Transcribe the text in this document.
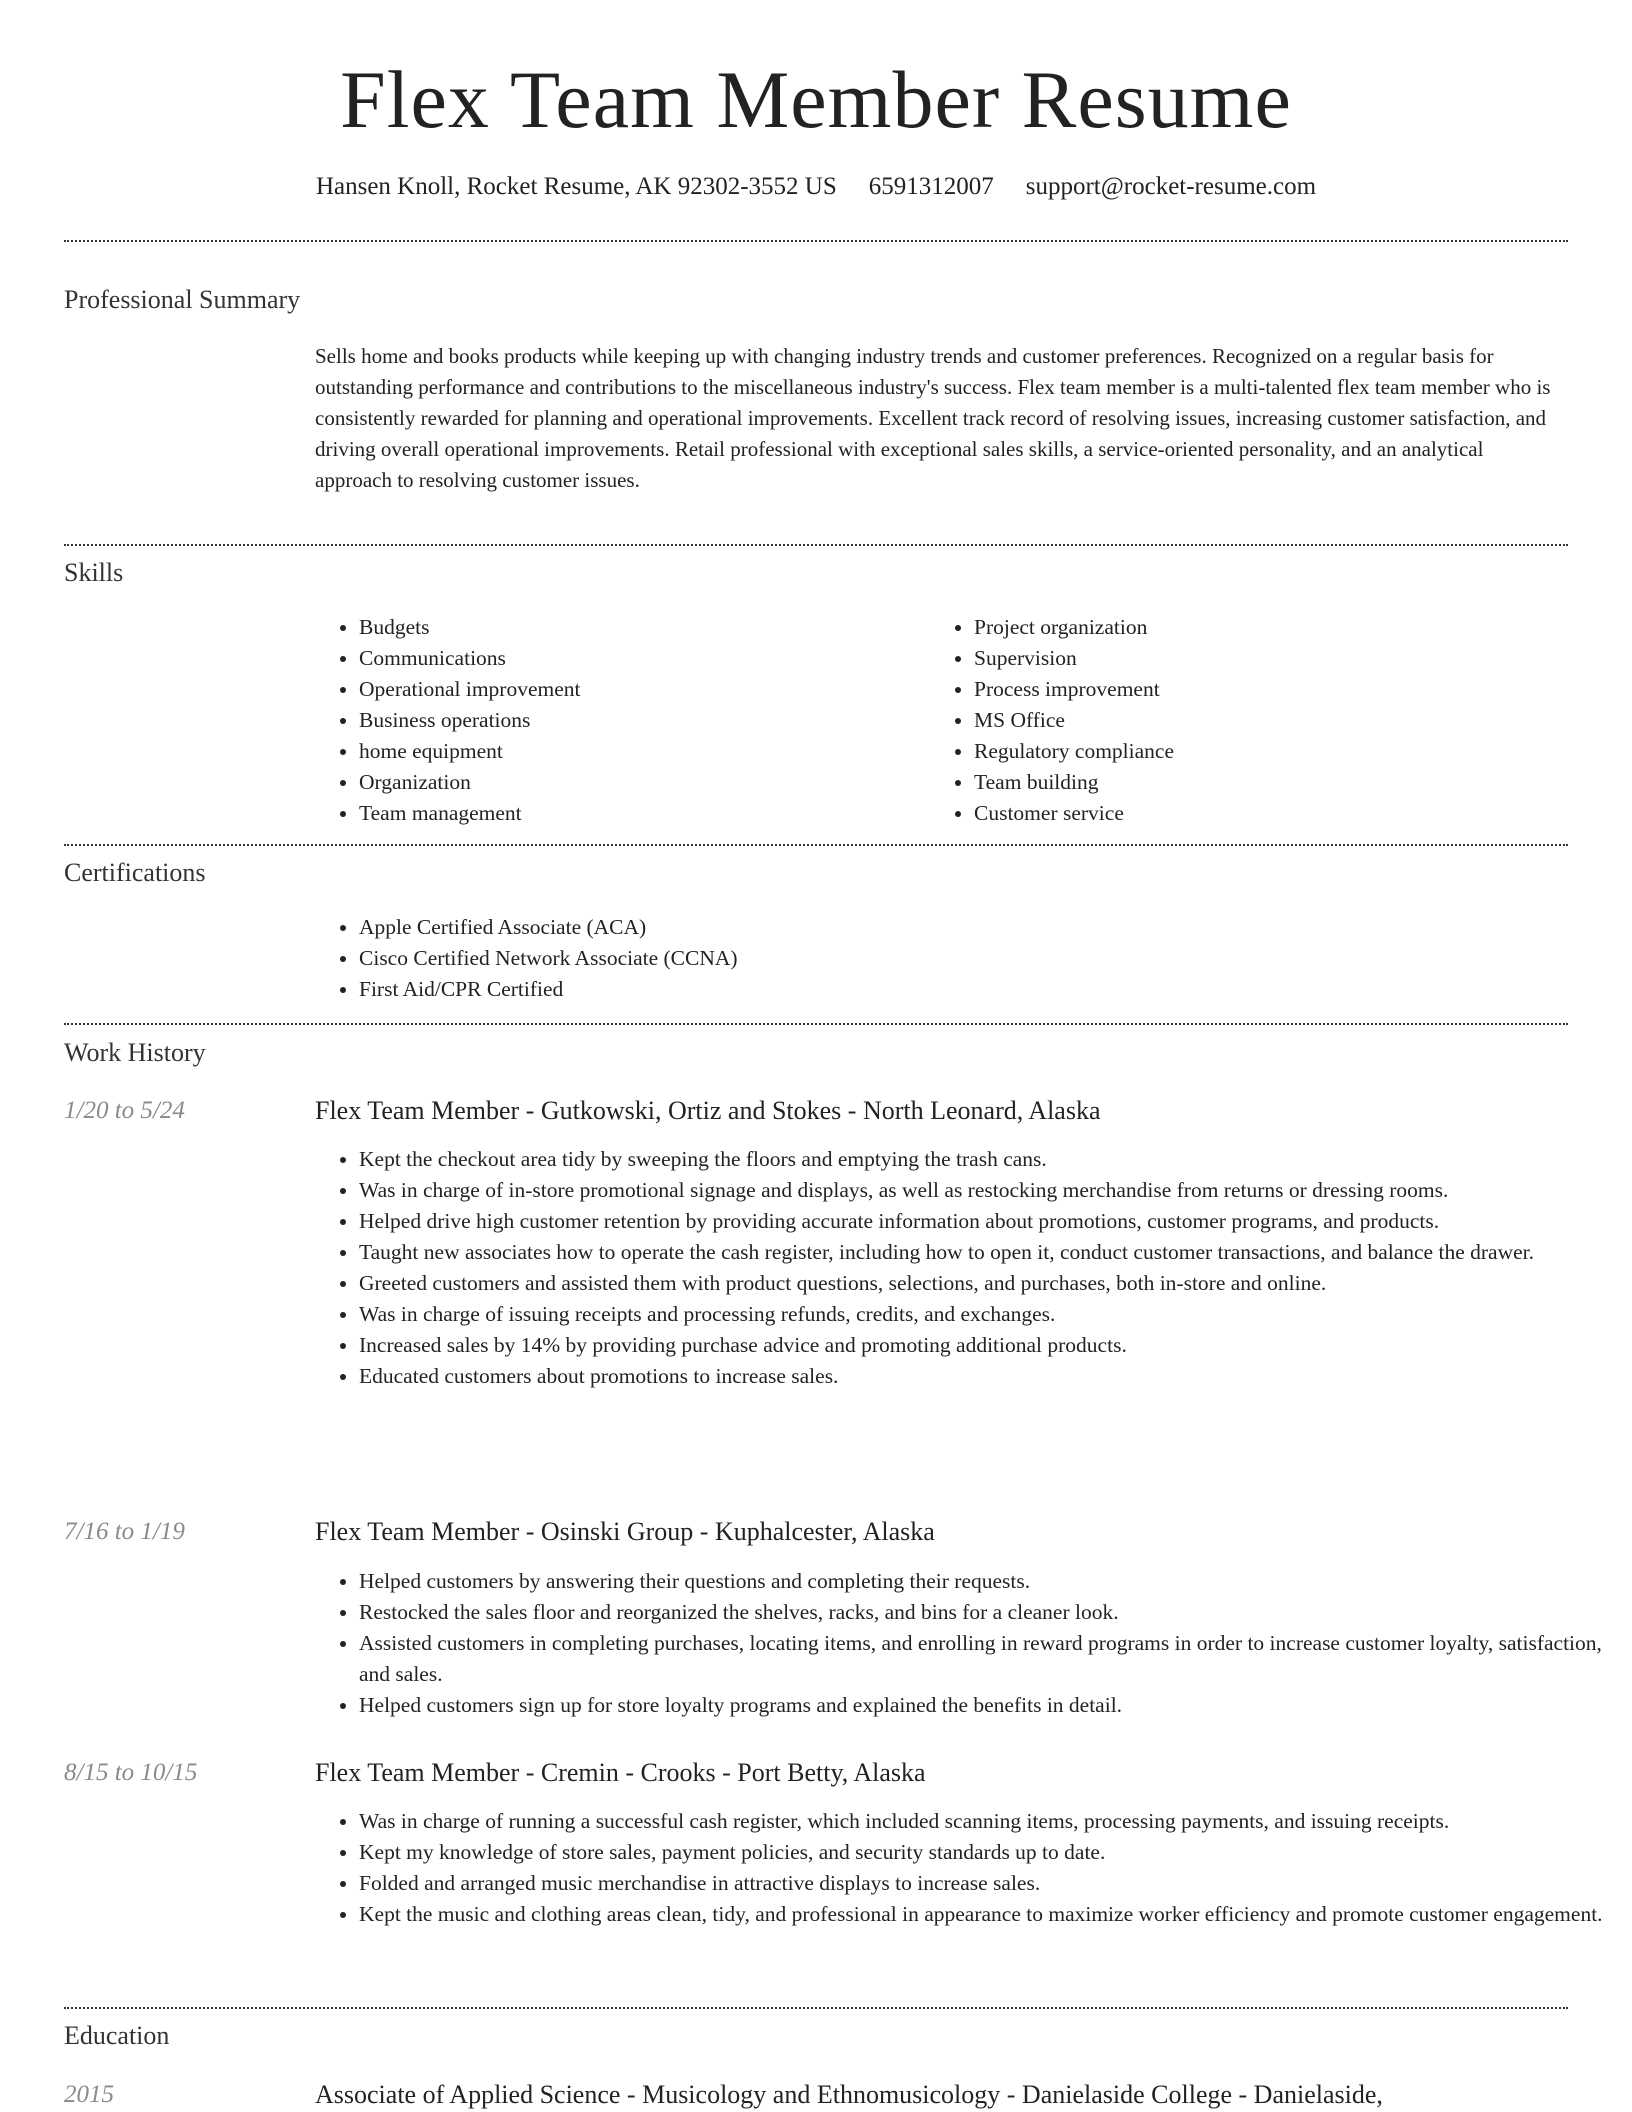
Flex Team Member Resume
Hansen Knoll, Rocket Resume, AK 92302-3552 US 6591312007 support@rocket-resume.com
Professional Summary

Sells home and books products while keeping up with changing industry trends and customer preferences. Recognized on a regular basis for outstanding performance and contributions to the miscellaneous industry's success. Flex team member is a multi-talented flex team member who is consistently rewarded for planning and operational improvements. Excellent track record of resolving issues, increasing customer satisfaction, and driving overall operational improvements. Retail professional with exceptional sales skills, a service-oriented personality, and an analytical approach to resolving customer issues.

Skills
• Budgets
• Communications
• Operational improvement
• Business operations
• home equipment
• Organization
• Team management
• Project organization
• Supervision
• Process improvement
• MS Office
• Regulatory compliance
• Team building
• Customer service
Certifications
• Apple Certified Associate (ACA)
• Cisco Certified Network Associate (CCNA)
• First Aid/CPR Certified
Work History
1/20 to 5/24	Flex Team Member - Gutkowski, Ortiz and Stokes - North Leonard, Alaska
• Kept the checkout area tidy by sweeping the floors and emptying the trash cans.
• Was in charge of in-store promotional signage and displays, as well as restocking merchandise from returns or dressing rooms.
• Helped drive high customer retention by providing accurate information about promotions, customer programs, and products.
• Taught new associates how to operate the cash register, including how to open it, conduct customer transactions, and balance the drawer.
• Greeted customers and assisted them with product questions, selections, and purchases, both in-store and online.
• Was in charge of issuing receipts and processing refunds, credits, and exchanges.
• Increased sales by 14% by providing purchase advice and promoting additional products.
• Educated customers about promotions to increase sales.
7/16 to 1/19	Flex Team Member - Osinski Group - Kuphalcester, Alaska
• Helped customers by answering their questions and completing their requests.
• Restocked the sales floor and reorganized the shelves, racks, and bins for a cleaner look.
• Assisted customers in completing purchases, locating items, and enrolling in reward programs in order to increase customer loyalty, satisfaction, and sales.
• Helped customers sign up for store loyalty programs and explained the benefits in detail.
8/15 to 10/15	Flex Team Member - Cremin - Crooks - Port Betty, Alaska
• Was in charge of running a successful cash register, which included scanning items, processing payments, and issuing receipts.
• Kept my knowledge of store sales, payment policies, and security standards up to date.
• Folded and arranged music merchandise in attractive displays to increase sales.
• Kept the music and clothing areas clean, tidy, and professional in appearance to maximize worker efficiency and promote customer engagement.
Education
2015	Associate of Applied Science - Musicology and Ethnomusicology - Danielaside College - Danielaside,
